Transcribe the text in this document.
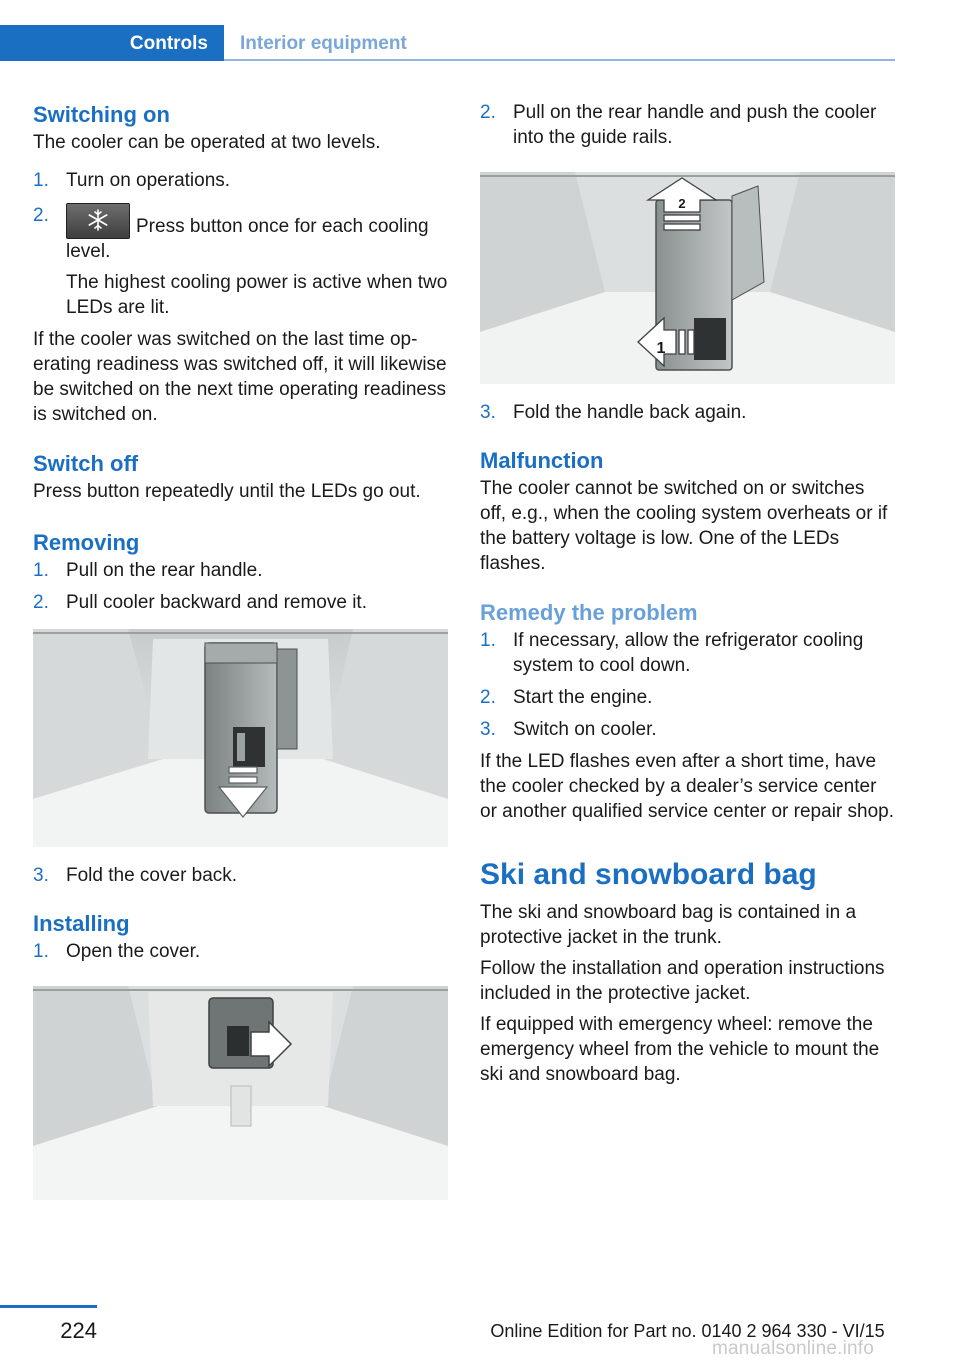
Controls	Interior equipment
Switching on

The cooler can be operated at two levels.

1. Turn on operations.
2.
Press button once for each cooling level.

The highest cooling power is active when two LEDs are lit.

If the cooler was switched on the last time operating readiness was switched off, it will likewise be switched on the next time operating readiness is switched on.

Switch off

Press button repeatedly until the LEDs go out.

Removing
1. Pull on the rear handle.
2. Pull cooler backward and remove it.
3. Fold the cover back.
Installing
1. Open the cover.
2. Pull on the rear handle and push the cooler into the guide rails.
2
1
3. Fold the handle back again.
Malfunction

The cooler cannot be switched on or switches off, e.g., when the cooling system overheats or if the battery voltage is low. One of the LEDs flashes.

Remedy the problem
1. If necessary, allow the refrigerator cooling system to cool down.
2. Start the engine.
3. Switch on cooler.

If the LED flashes even after a short time, have the cooler checked by a dealer’s service center or another qualified service center or repair shop.

Ski and snowboard bag

The ski and snowboard bag is contained in a protective jacket in the trunk.

Follow the installation and operation instructions included in the protective jacket.

If equipped with emergency wheel: remove the emergency wheel from the vehicle to mount the ski and snowboard bag.

224	Online Edition for Part no. 0140 2 964 330 - VI/15
manualsonline.info
